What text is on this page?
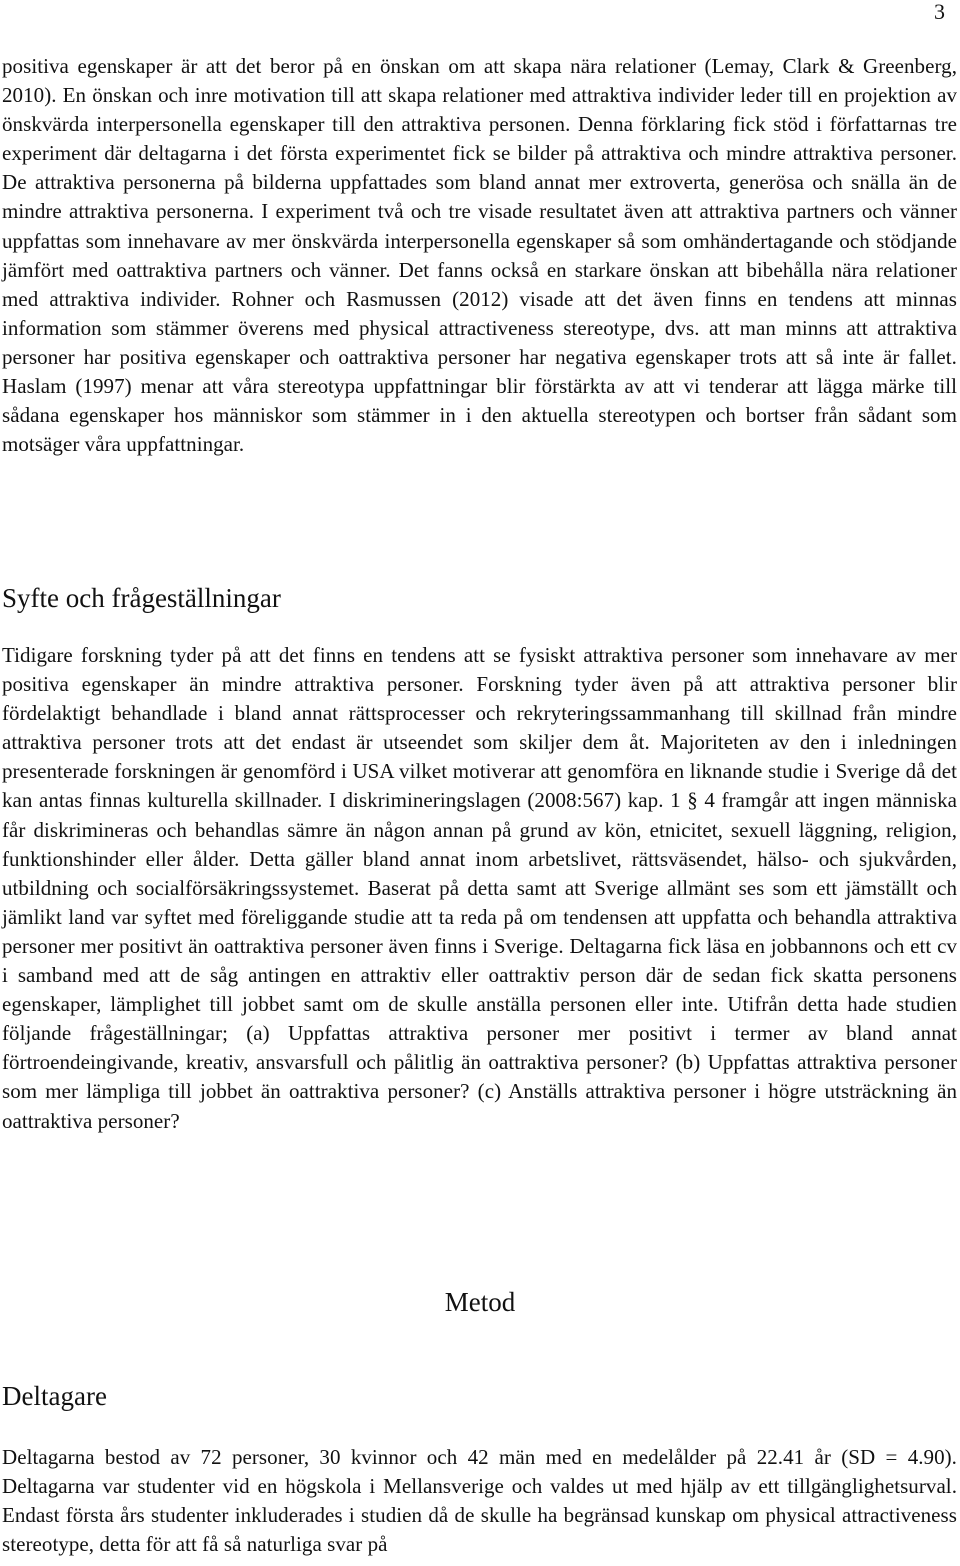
3

positiva egenskaper är att det beror på en önskan om att skapa nära relationer (Lemay, Clark & Greenberg, 2010). En önskan och inre motivation till att skapa relationer med attraktiva individer leder till en projektion av önskvärda interpersonella egenskaper till den attraktiva personen. Denna förklaring fick stöd i författarnas tre experiment där deltagarna i det första experimentet fick se bilder på attraktiva och mindre attraktiva personer. De attraktiva personerna på bilderna uppfattades som bland annat mer extroverta, generösa och snälla än de mindre attraktiva personerna. I experiment två och tre visade resultatet även att attraktiva partners och vänner uppfattas som innehavare av mer önskvärda interpersonella egenskaper så som omhändertagande och stödjande jämfört med oattraktiva partners och vänner. Det fanns också en starkare önskan att bibehålla nära relationer med attraktiva individer. Rohner och Rasmussen (2012) visade att det även finns en tendens att minnas information som stämmer överens med physical attractiveness stereotype, dvs. att man minns att attraktiva personer har positiva egenskaper och oattraktiva personer har negativa egenskaper trots att så inte är fallet. Haslam (1997) menar att våra stereotypa uppfattningar blir förstärkta av att vi tenderar att lägga märke till sådana egenskaper hos människor som stämmer in i den aktuella stereotypen och bortser från sådant som motsäger våra uppfattningar.

Syfte och frågeställningar

Tidigare forskning tyder på att det finns en tendens att se fysiskt attraktiva personer som innehavare av mer positiva egenskaper än mindre attraktiva personer. Forskning tyder även på att attraktiva personer blir fördelaktigt behandlade i bland annat rättsprocesser och rekryteringssammanhang till skillnad från mindre attraktiva personer trots att det endast är utseendet som skiljer dem åt. Majoriteten av den i inledningen presenterade forskningen är genomförd i USA vilket motiverar att genomföra en liknande studie i Sverige då det kan antas finnas kulturella skillnader. I diskrimineringslagen (2008:567) kap. 1 § 4 framgår att ingen människa får diskrimineras och behandlas sämre än någon annan på grund av kön, etnicitet, sexuell läggning, religion, funktionshinder eller ålder. Detta gäller bland annat inom arbetslivet, rättsväsendet, hälso- och sjukvården, utbildning och socialförsäkringssystemet. Baserat på detta samt att Sverige allmänt ses som ett jämställt och jämlikt land var syftet med föreliggande studie att ta reda på om tendensen att uppfatta och behandla attraktiva personer mer positivt än oattraktiva personer även finns i Sverige. Deltagarna fick läsa en jobbannons och ett cv i samband med att de såg antingen en attraktiv eller oattraktiv person där de sedan fick skatta personens egenskaper, lämplighet till jobbet samt om de skulle anställa personen eller inte. Utifrån detta hade studien följande frågeställningar; (a) Uppfattas attraktiva personer mer positivt i termer av bland annat förtroendeingivande, kreativ, ansvarsfull och pålitlig än oattraktiva personer? (b) Uppfattas attraktiva personer som mer lämpliga till jobbet än oattraktiva personer? (c) Anställs attraktiva personer i högre utsträckning än oattraktiva personer?

Metod
Deltagare

Deltagarna bestod av 72 personer, 30 kvinnor och 42 män med en medelålder på 22.41 år (SD = 4.90). Deltagarna var studenter vid en högskola i Mellansverige och valdes ut med hjälp av ett tillgänglighetsurval. Endast första års studenter inkluderades i studien då de skulle ha begränsad kunskap om physical attractiveness stereotype, detta för att få så naturliga svar på
